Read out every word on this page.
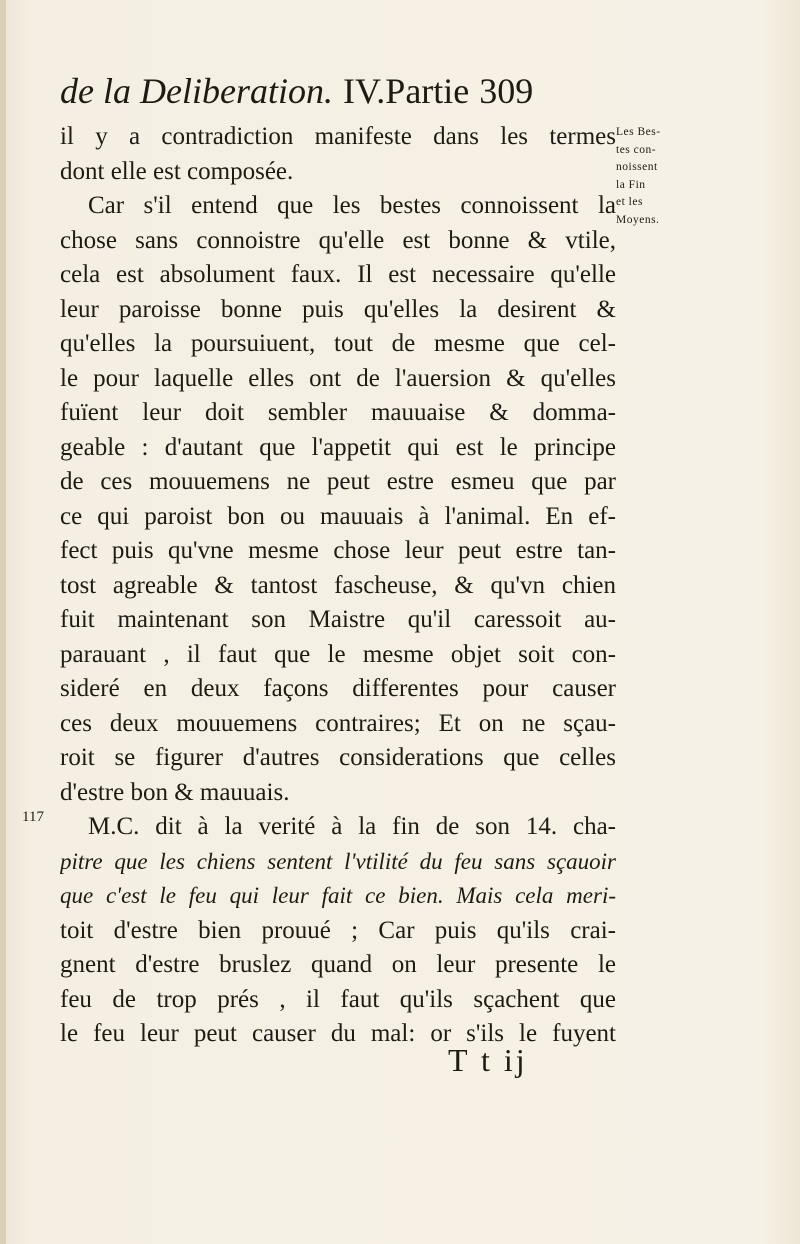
de la Deliberation. IV.Partie 309
Les Bes-
tes con-
noissent
la Fin
et les
Moyens.
117
il y a contradiction manifeste dans les termes
dont elle est composée.
Car s'il entend que les bestes connoissent la
chose sans connoistre qu'elle est bonne & vtile,
cela est absolument faux. Il est necessaire qu'elle
leur paroisse bonne puis qu'elles la desirent &
qu'elles la poursuiuent, tout de mesme que cel-
le pour laquelle elles ont de l'auersion & qu'elles
fuïent leur doit sembler mauuaise & domma-
geable : d'autant que l'appetit qui est le principe
de ces mouuemens ne peut estre esmeu que par
ce qui paroist bon ou mauuais à l'animal. En ef-
fect puis qu'vne mesme chose leur peut estre tan-
tost agreable & tantost fascheuse, & qu'vn chien
fuit maintenant son Maistre qu'il caressoit au-
parauant , il faut que le mesme objet soit con-
sideré en deux façons differentes pour causer
ces deux mouuemens contraires; Et on ne sçau-
roit se figurer d'autres considerations que celles
d'estre bon & mauuais.
M.C. dit à la verité à la fin de son 14. cha-
pitre que les chiens sentent l'vtilité du feu sans sçauoir
que c'est le feu qui leur fait ce bien. Mais cela meri-
toit d'estre bien prouué ; Car puis qu'ils crai-
gnent d'estre bruslez quand on leur presente le
feu de trop prés , il faut qu'ils sçachent que
le feu leur peut causer du mal: or s'ils le fuyent
T t ij
